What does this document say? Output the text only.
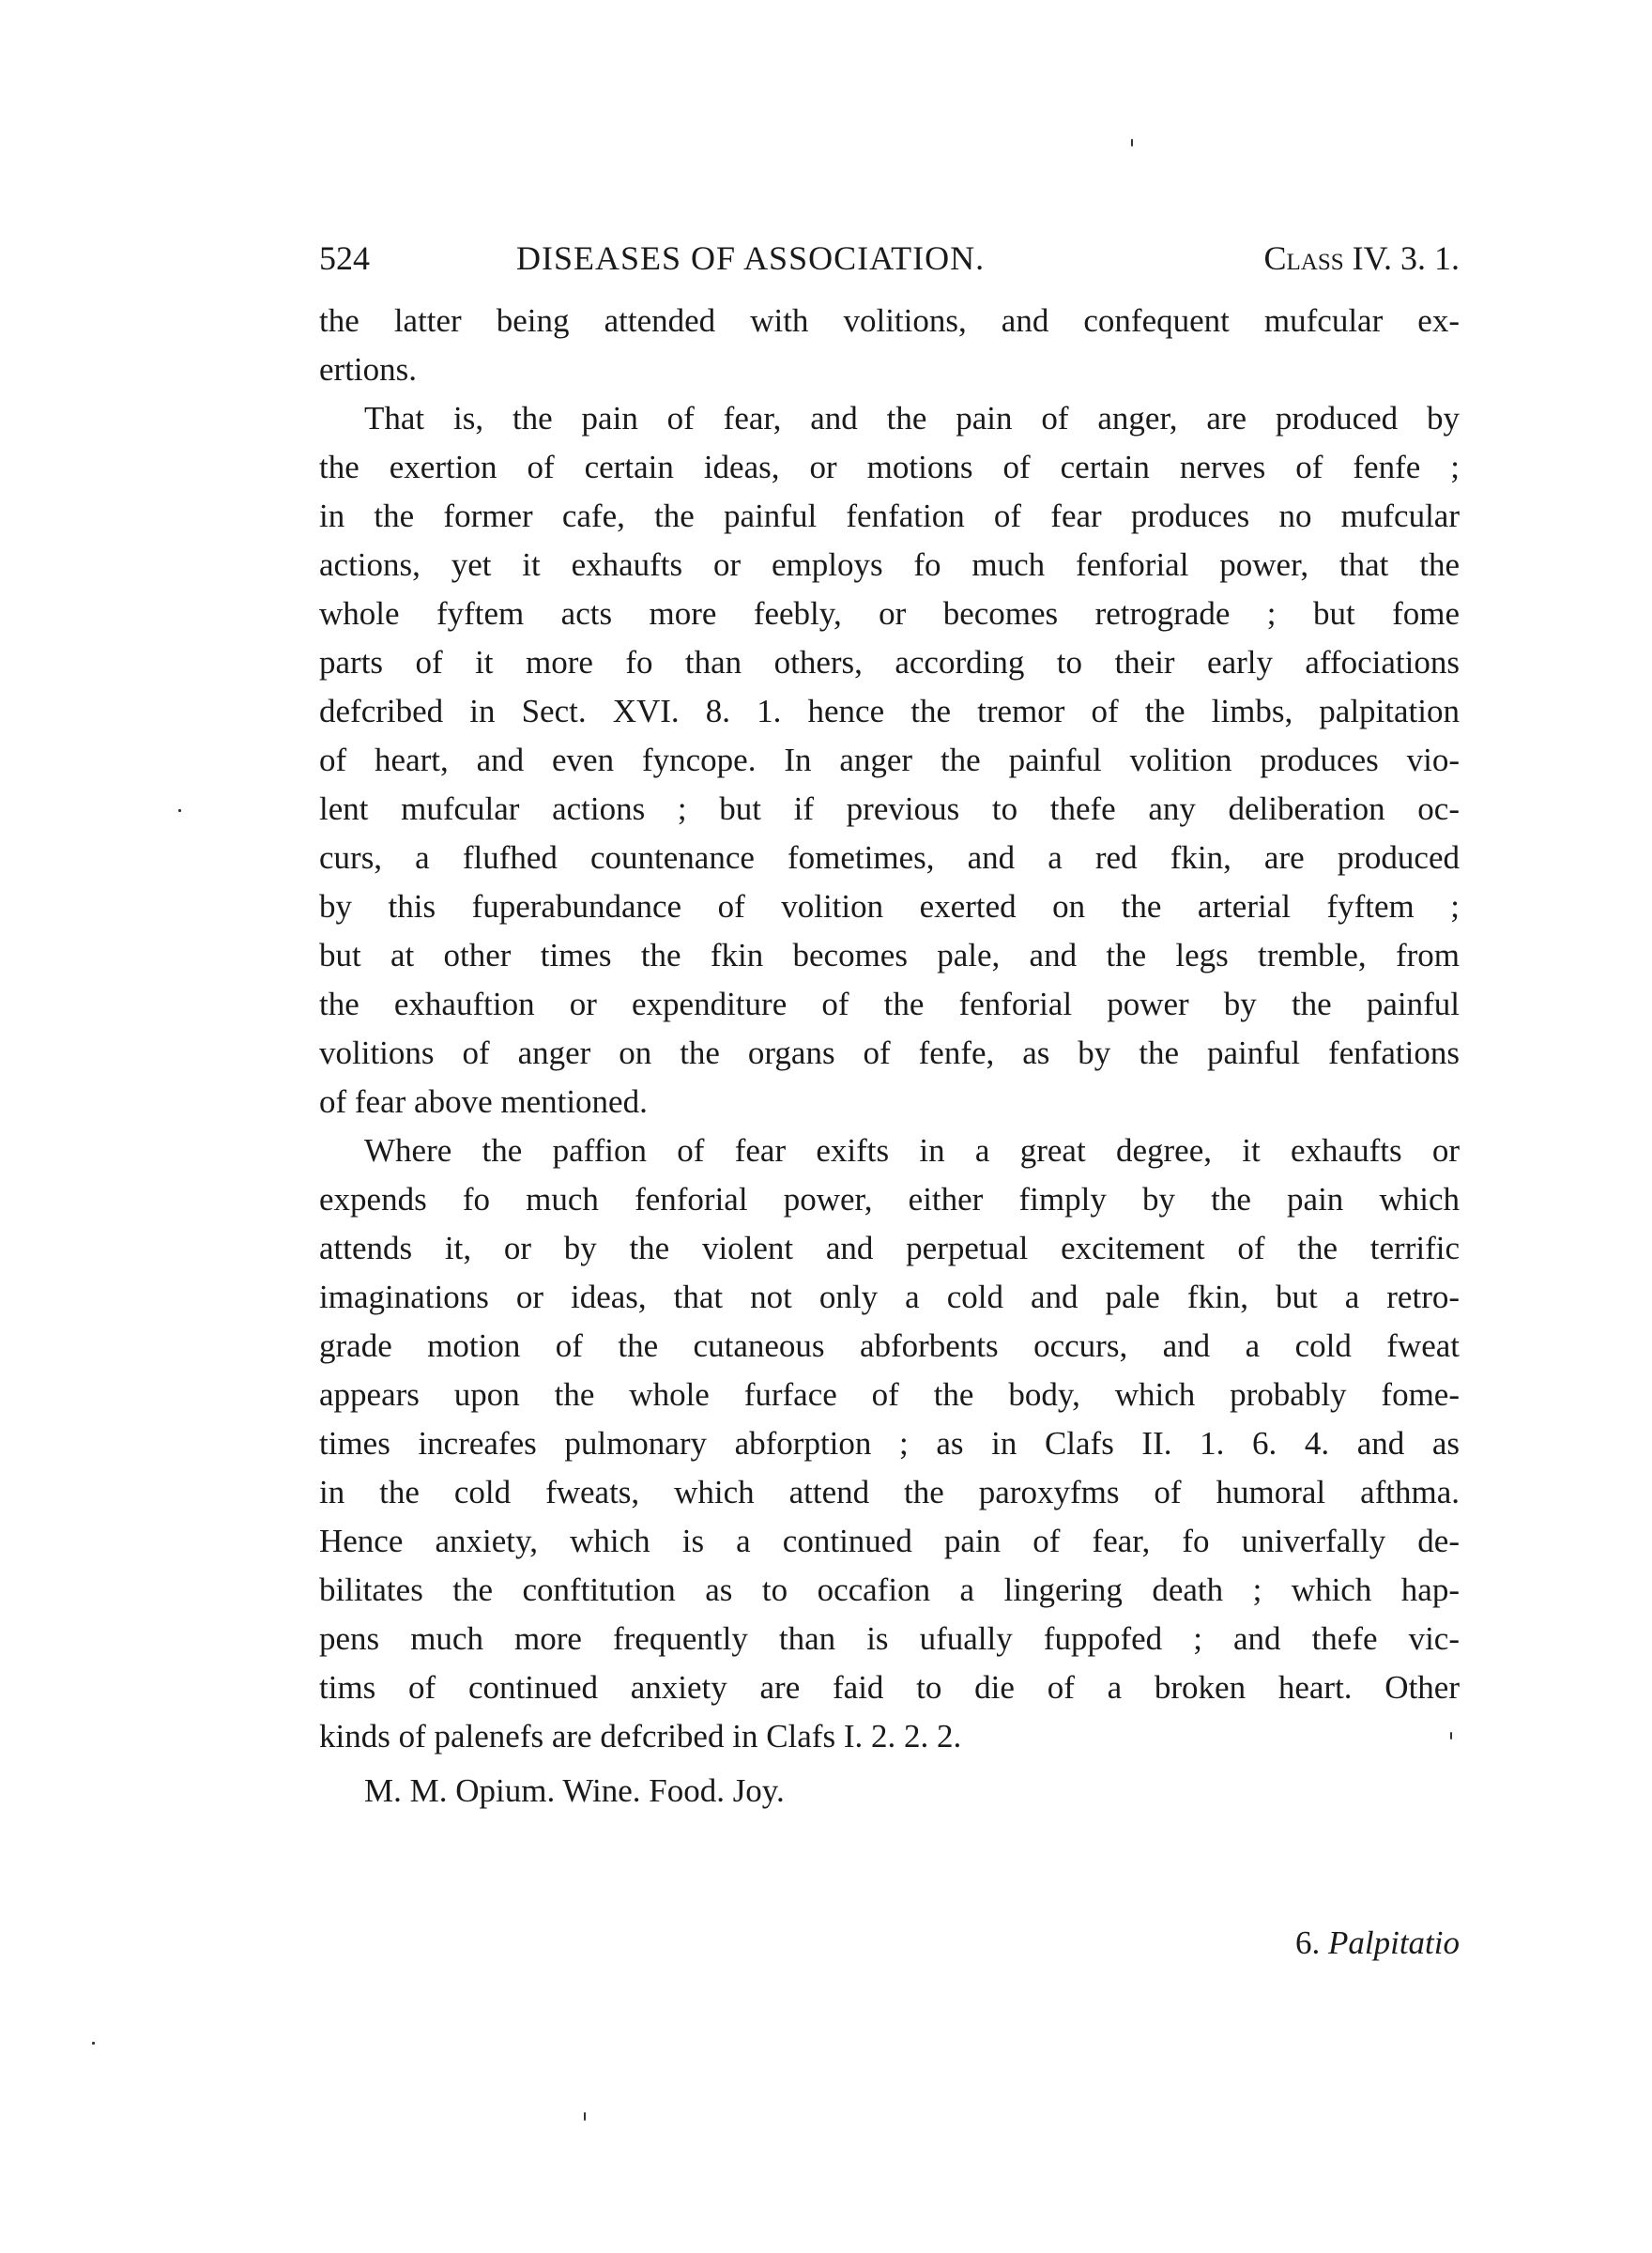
524	DISEASES OF ASSOCIATION.	Class IV. 3. 1.
the latter being attended with volitions, and confequent mufcular ex-
ertions.
That is, the pain of fear, and the pain of anger, are produced by
the exertion of certain ideas, or motions of certain nerves of fenfe ;
in the former cafe, the painful fenfation of fear produces no mufcular
actions, yet it exhaufts or employs fo much fenforial power, that the
whole fyftem acts more feebly, or becomes retrograde ; but fome
parts of it more fo than others, according to their early affociations
defcribed in Sect. XVI. 8. 1. hence the tremor of the limbs, palpitation
of heart, and even fyncope. In anger the painful volition produces vio-
lent mufcular actions ; but if previous to thefe any deliberation oc-
curs, a flufhed countenance fometimes, and a red fkin, are produced
by this fuperabundance of volition exerted on the arterial fyftem ;
but at other times the fkin becomes pale, and the legs tremble, from
the exhauftion or expenditure of the fenforial power by the painful
volitions of anger on the organs of fenfe, as by the painful fenfations
of fear above mentioned.
Where the paffion of fear exifts in a great degree, it exhaufts or
expends fo much fenforial power, either fimply by the pain which
attends it, or by the violent and perpetual excitement of the terrific
imaginations or ideas, that not only a cold and pale fkin, but a retro-
grade motion of the cutaneous abforbents occurs, and a cold fweat
appears upon the whole furface of the body, which probably fome-
times increafes pulmonary abforption ; as in Clafs II. 1. 6. 4. and as
in the cold fweats, which attend the paroxyfms of humoral afthma.
Hence anxiety, which is a continued pain of fear, fo univerfally de-
bilitates the conftitution as to occafion a lingering death ; which hap-
pens much more frequently than is ufually fuppofed ; and thefe vic-
tims of continued anxiety are faid to die of a broken heart. Other
kinds of palenefs are defcribed in Clafs I. 2. 2. 2.
M. M. Opium. Wine. Food. Joy.
6. Palpitatio
